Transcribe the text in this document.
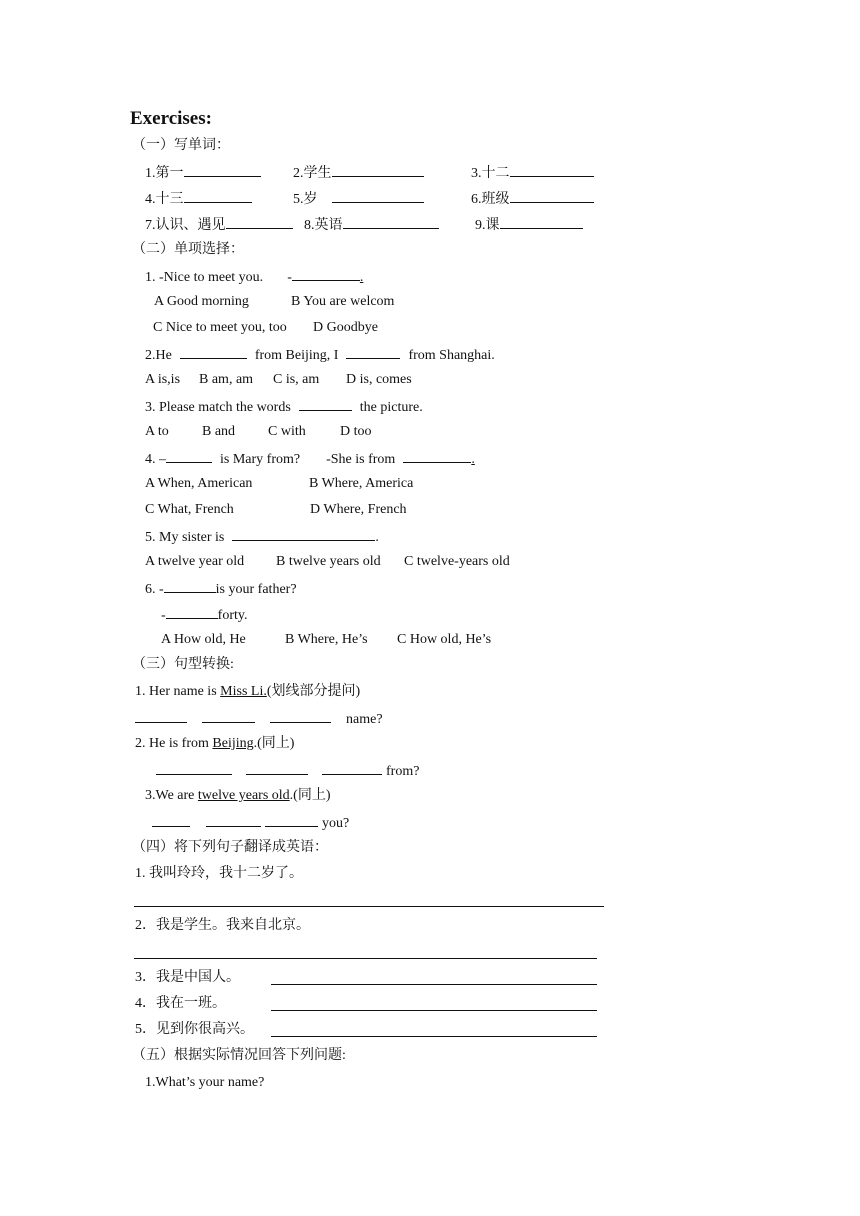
Exercises:
（一）写单词：
1.第一	2.学生	3.十二
4.十三	5.岁	6.班级
7.认识、遇见	8.英语	9.课
（二）单项选择：
1. -Nice to meet you. -	.
A Good morning	B You are welcom
C Nice to meet you, too D Goodbye
2.He	from Beijing, I	from Shanghai.
A is,is B am, am C is, am D is, comes
3. Please match the words	the picture.
A to B and C with D too
4. –	is Mary from? -She is from	.
A When, American	B Where, America
C What, French	D Where, French
5. My sister is	.
A twelve year old B twelve years old C twelve-years old
6. -	is your father?
-	forty.
A How old, He	B Where, He’s C How old, He’s
（三）句型转换:
1. Her name is Miss Li.(划线部分提问)
name?
2. He is from Beijing.(同上)
from?
3.We are twelve years old.(同上)
you?
（四）将下列句子翻译成英语：
1. 我叫玲玲，我十二岁了。
2．我是学生。我来自北京。
3．我是中国人。
4．我在一班。
5．见到你很高兴。
（五）根据实际情况回答下列问题:
1.What’s your name?
